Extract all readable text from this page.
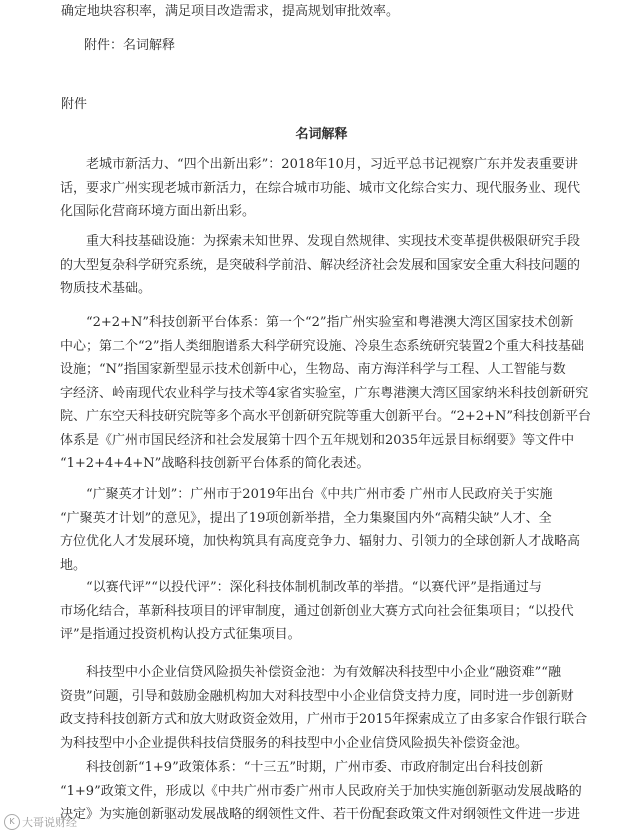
确定地块容积率，满足项目改造需求，提高规划审批效率。
附件：名词解释
附件
名词解释
老城市新活力、“四个出新出彩”：2018年10月，习近平总书记视察广东并发表重要讲
话，要求广州实现老城市新活力，在综合城市功能、城市文化综合实力、现代服务业、现代
化国际化营商环境方面出新出彩。
重大科技基础设施：为探索未知世界、发现自然规律、实现技术变革提供极限研究手段
的大型复杂科学研究系统，是突破科学前沿、解决经济社会发展和国家安全重大科技问题的
物质技术基础。
“2+2+N”科技创新平台体系：第一个“2”指广州实验室和粤港澳大湾区国家技术创新
中心；第二个“2”指人类细胞谱系大科学研究设施、冷泉生态系统研究装置2个重大科技基础
设施；“N”指国家新型显示技术创新中心，生物岛、南方海洋科学与工程、人工智能与数
字经济、岭南现代农业科学与技术等4家省实验室，广东粤港澳大湾区国家纳米科技创新研究
院、广东空天科技研究院等多个高水平创新研究院等重大创新平台。“2+2+N”科技创新平台
体系是《广州市国民经济和社会发展第十四个五年规划和2035年远景目标纲要》等文件中
“1+2+4+4+N”战略科技创新平台体系的简化表述。
“广聚英才计划”：广州市于2019年出台《中共广州市委 广州市人民政府关于实施
“广聚英才计划”的意见》，提出了19项创新举措，全力集聚国内外“高精尖缺”人才、全
方位优化人才发展环境，加快构筑具有高度竞争力、辐射力、引领力的全球创新人才战略高
地。
“以赛代评”“以投代评”：深化科技体制机制改革的举措。“以赛代评”是指通过与
市场化结合，革新科技项目的评审制度，通过创新创业大赛方式向社会征集项目；“以投代
评”是指通过投资机构认投方式征集项目。
科技型中小企业信贷风险损失补偿资金池：为有效解决科技型中小企业“融资难”“融
资贵”问题，引导和鼓励金融机构加大对科技型中小企业信贷支持力度，同时进一步创新财
政支持科技创新方式和放大财政资金效用，广州市于2015年探索成立了由多家合作银行联合
为科技型中小企业提供科技信贷服务的科技型中小企业信贷风险损失补偿资金池。
科技创新“1+9”政策体系：“十三五”时期，广州市委、市政府制定出台科技创新
“1+9”政策文件，形成以《中共广州市委广州市人民政府关于加快实施创新驱动发展战略的
决定》为实施创新驱动发展战略的纲领性文件、若干份配套政策文件对纲领性文件进一步进
K 大哥说财经
